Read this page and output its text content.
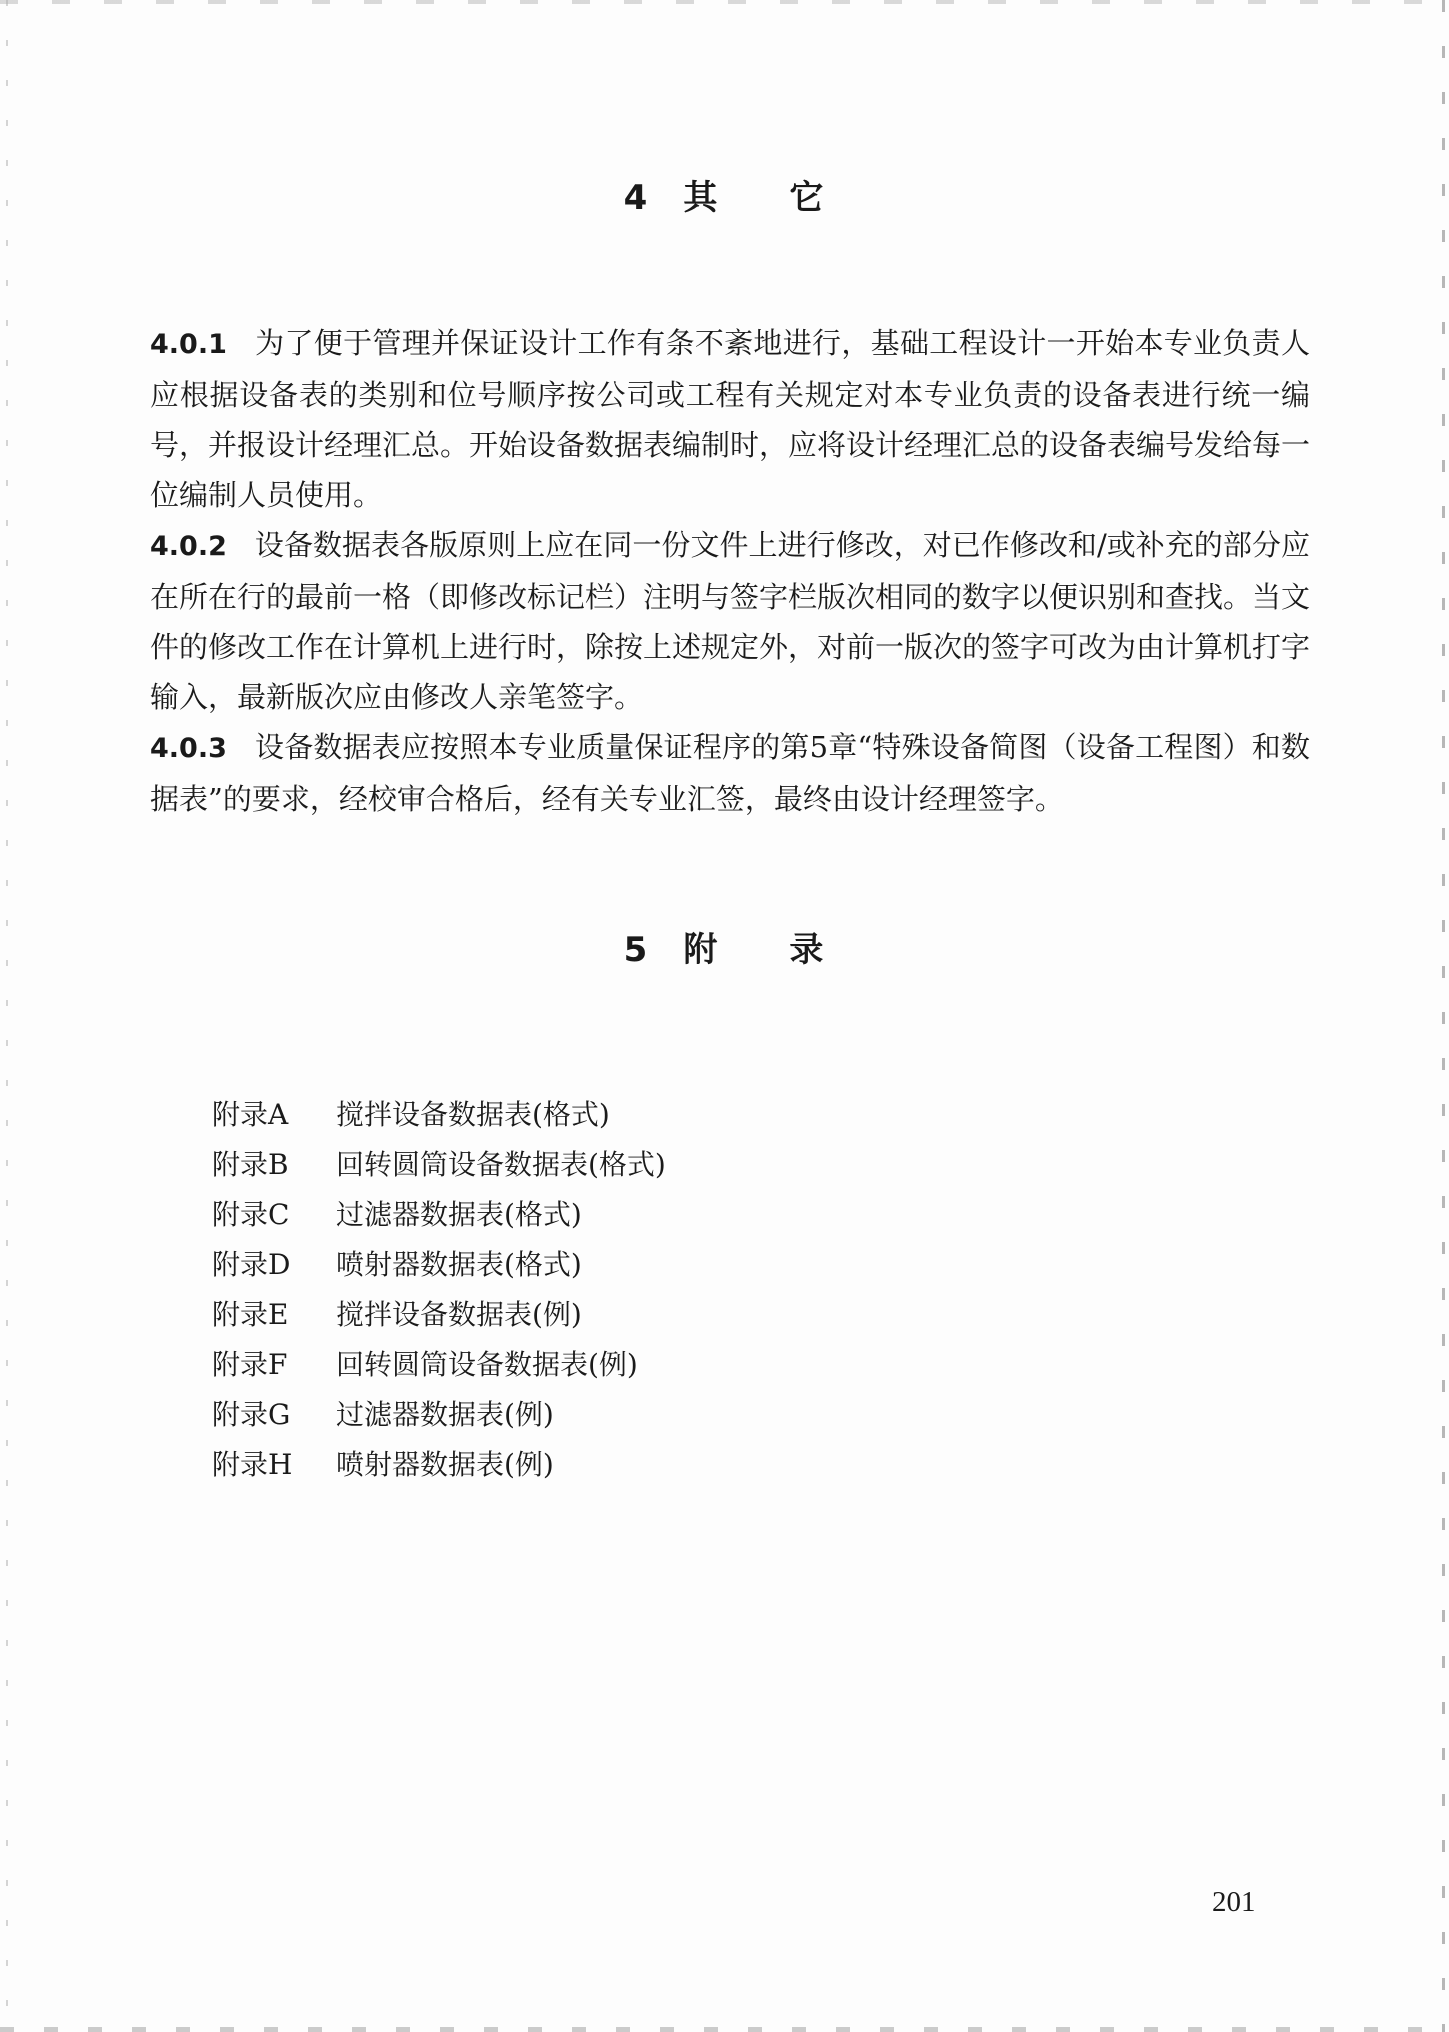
4 其 它

4.0.1 为了便于管理并保证设计工作有条不紊地进行，基础工程设计一开始本专业负责人应根据设备表的类别和位号顺序按公司或工程有关规定对本专业负责的设备表进行统一编号，并报设计经理汇总。开始设备数据表编制时，应将设计经理汇总的设备表编号发给每一位编制人员使用。

4.0.2 设备数据表各版原则上应在同一份文件上进行修改，对已作修改和/或补充的部分应在所在行的最前一格（即修改标记栏）注明与签字栏版次相同的数字以便识别和查找。当文件的修改工作在计算机上进行时，除按上述规定外，对前一版次的签字可改为由计算机打字输入，最新版次应由修改人亲笔签字。

4.0.3 设备数据表应按照本专业质量保证程序的第5章“特殊设备简图（设备工程图）和数据表”的要求，经校审合格后，经有关专业汇签，最终由设计经理签字。

5 附 录
附录A	搅拌设备数据表(格式)
附录B	回转圆筒设备数据表(格式)
附录C	过滤器数据表(格式)
附录D	喷射器数据表(格式)
附录E	搅拌设备数据表(例)
附录F	回转圆筒设备数据表(例)
附录G	过滤器数据表(例)
附录H	喷射器数据表(例)
201
